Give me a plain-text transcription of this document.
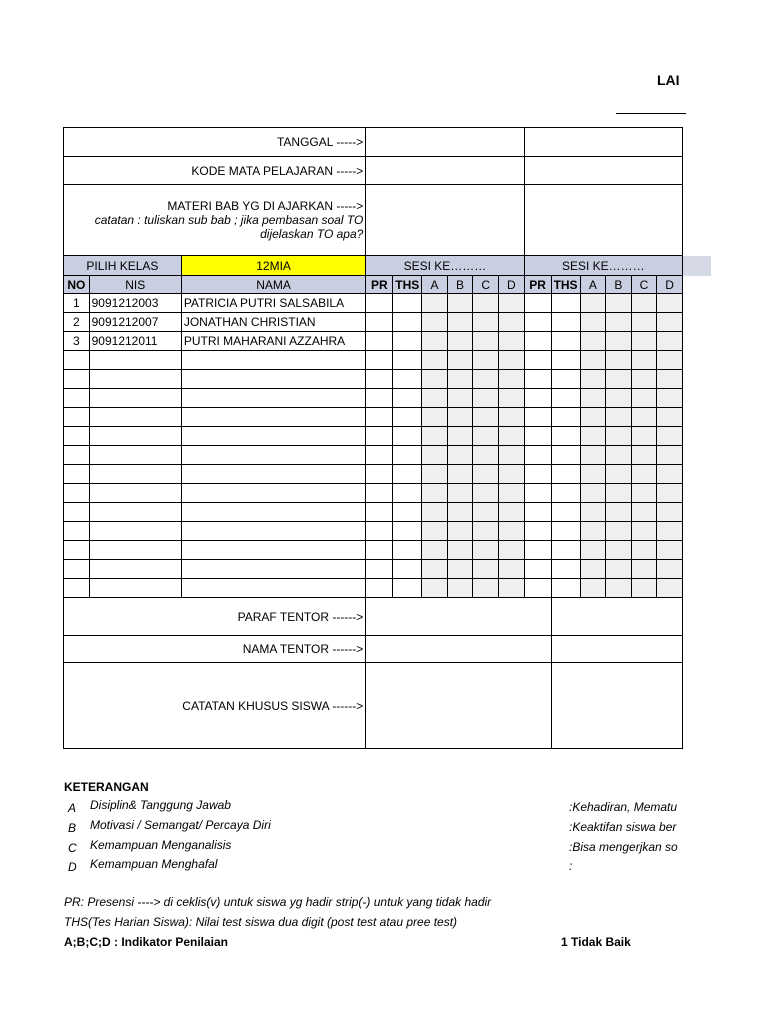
LAI
TANGGAL ----->														
KODE MATA PELAJARAN ----->														

MATERI BAB YG DI AJARKAN ----->
catatan : tuliskan sub bab ; jika pembasan soal TO
dijelaskan TO apa?														

PILIH KELAS		12MIA	SESI KE………						SESI KE………					
NO	NIS	NAMA	PR	THS	A	B	C	D	PR	THS	A	B	C	D
1	9091212003	PATRICIA PUTRI SALSABILA												
2	9091212007	JONATHAN CHRISTIAN												
3	9091212011	PUTRI MAHARANI AZZAHRA												

PARAF TENTOR ------>														
NAMA TENTOR ------>														
CATATAN KHUSUS SISWA ------>														
KETERANGAN
A Disiplin& Tanggung Jawab	:Kehadiran, Mematu
B Motivasi / Semangat/ Percaya Diri	:Keaktifan siswa ber
C Kemampuan Menganalisis	:Bisa mengerjkan so
D Kemampuan Menghafal	:
PR: Presensi ----> di ceklis(v) untuk siswa yg hadir strip(-) untuk yang tidak hadir
THS(Tes Harian Siswa): Nilai test siswa dua digit (post test atau pree test)
A;B;C;D : Indikator Penilaian	1 Tidak Baik
